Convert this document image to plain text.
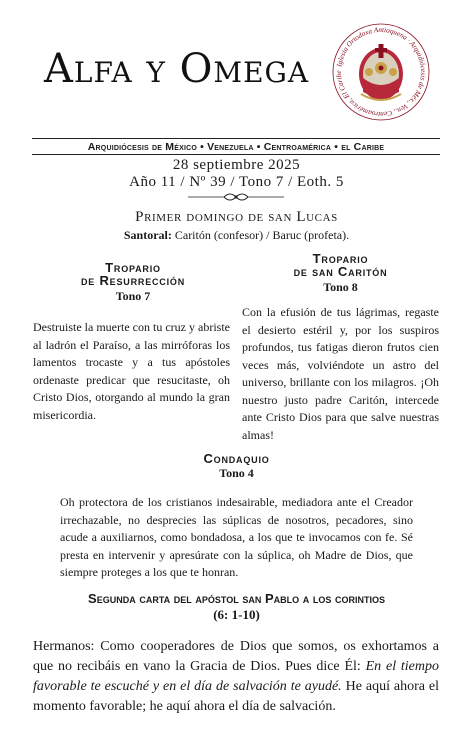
Alfa y Omega	Iglesia Ortodoxa Antioquena · Arquidiócesis de Méx., Ven., Centroamérica, El Caribe
Arquidiócesis de México • Venezuela • Centroamérica • el Caribe
28 septiembre 2025
Año 11 / Nº 39 / Tono 7 / Eoth. 5
Primer domingo de san Lucas
Santoral: Caritón (confesor) / Baruc (profeta).
Tropario
de Resurrección
Tono 7

Destruiste la muerte con tu cruz y abriste al ladrón el Paraíso, a las mirróforas los lamentos trocaste y a tus apóstoles ordenaste predicar que resucitaste, oh Cristo Dios, otorgando al mundo la gran misericordia.

Tropario
de san Caritón
Tono 8

Con la efusión de tus lágrimas, regaste el desierto estéril y, por los suspiros profundos, tus fatigas dieron frutos cien veces más, volviéndote un astro del universo, brillante con los milagros. ¡Oh nuestro justo padre Caritón, intercede ante Cristo Dios para que salve nuestras almas!

Condaquio
Tono 4

Oh protectora de los cristianos indesairable, mediadora ante el Creador irrechazable, no desprecies las súplicas de nosotros, pecadores, sino acude a auxiliarnos, como bondadosa, a los que te invocamos con fe. Sé presta en intervenir y apresúrate con la súplica, oh Madre de Dios, que siempre proteges a los que te honran.

Segunda carta del apóstol san Pablo a los corintios
(6: 1-10)

Hermanos: Como cooperadores de Dios que somos, os exhortamos a que no recibáis en vano la Gracia de Dios. Pues dice Él: En el tiempo favorable te escuché y en el día de salvación te ayudé. He aquí ahora el momento favorable; he aquí ahora el día de salvación.
